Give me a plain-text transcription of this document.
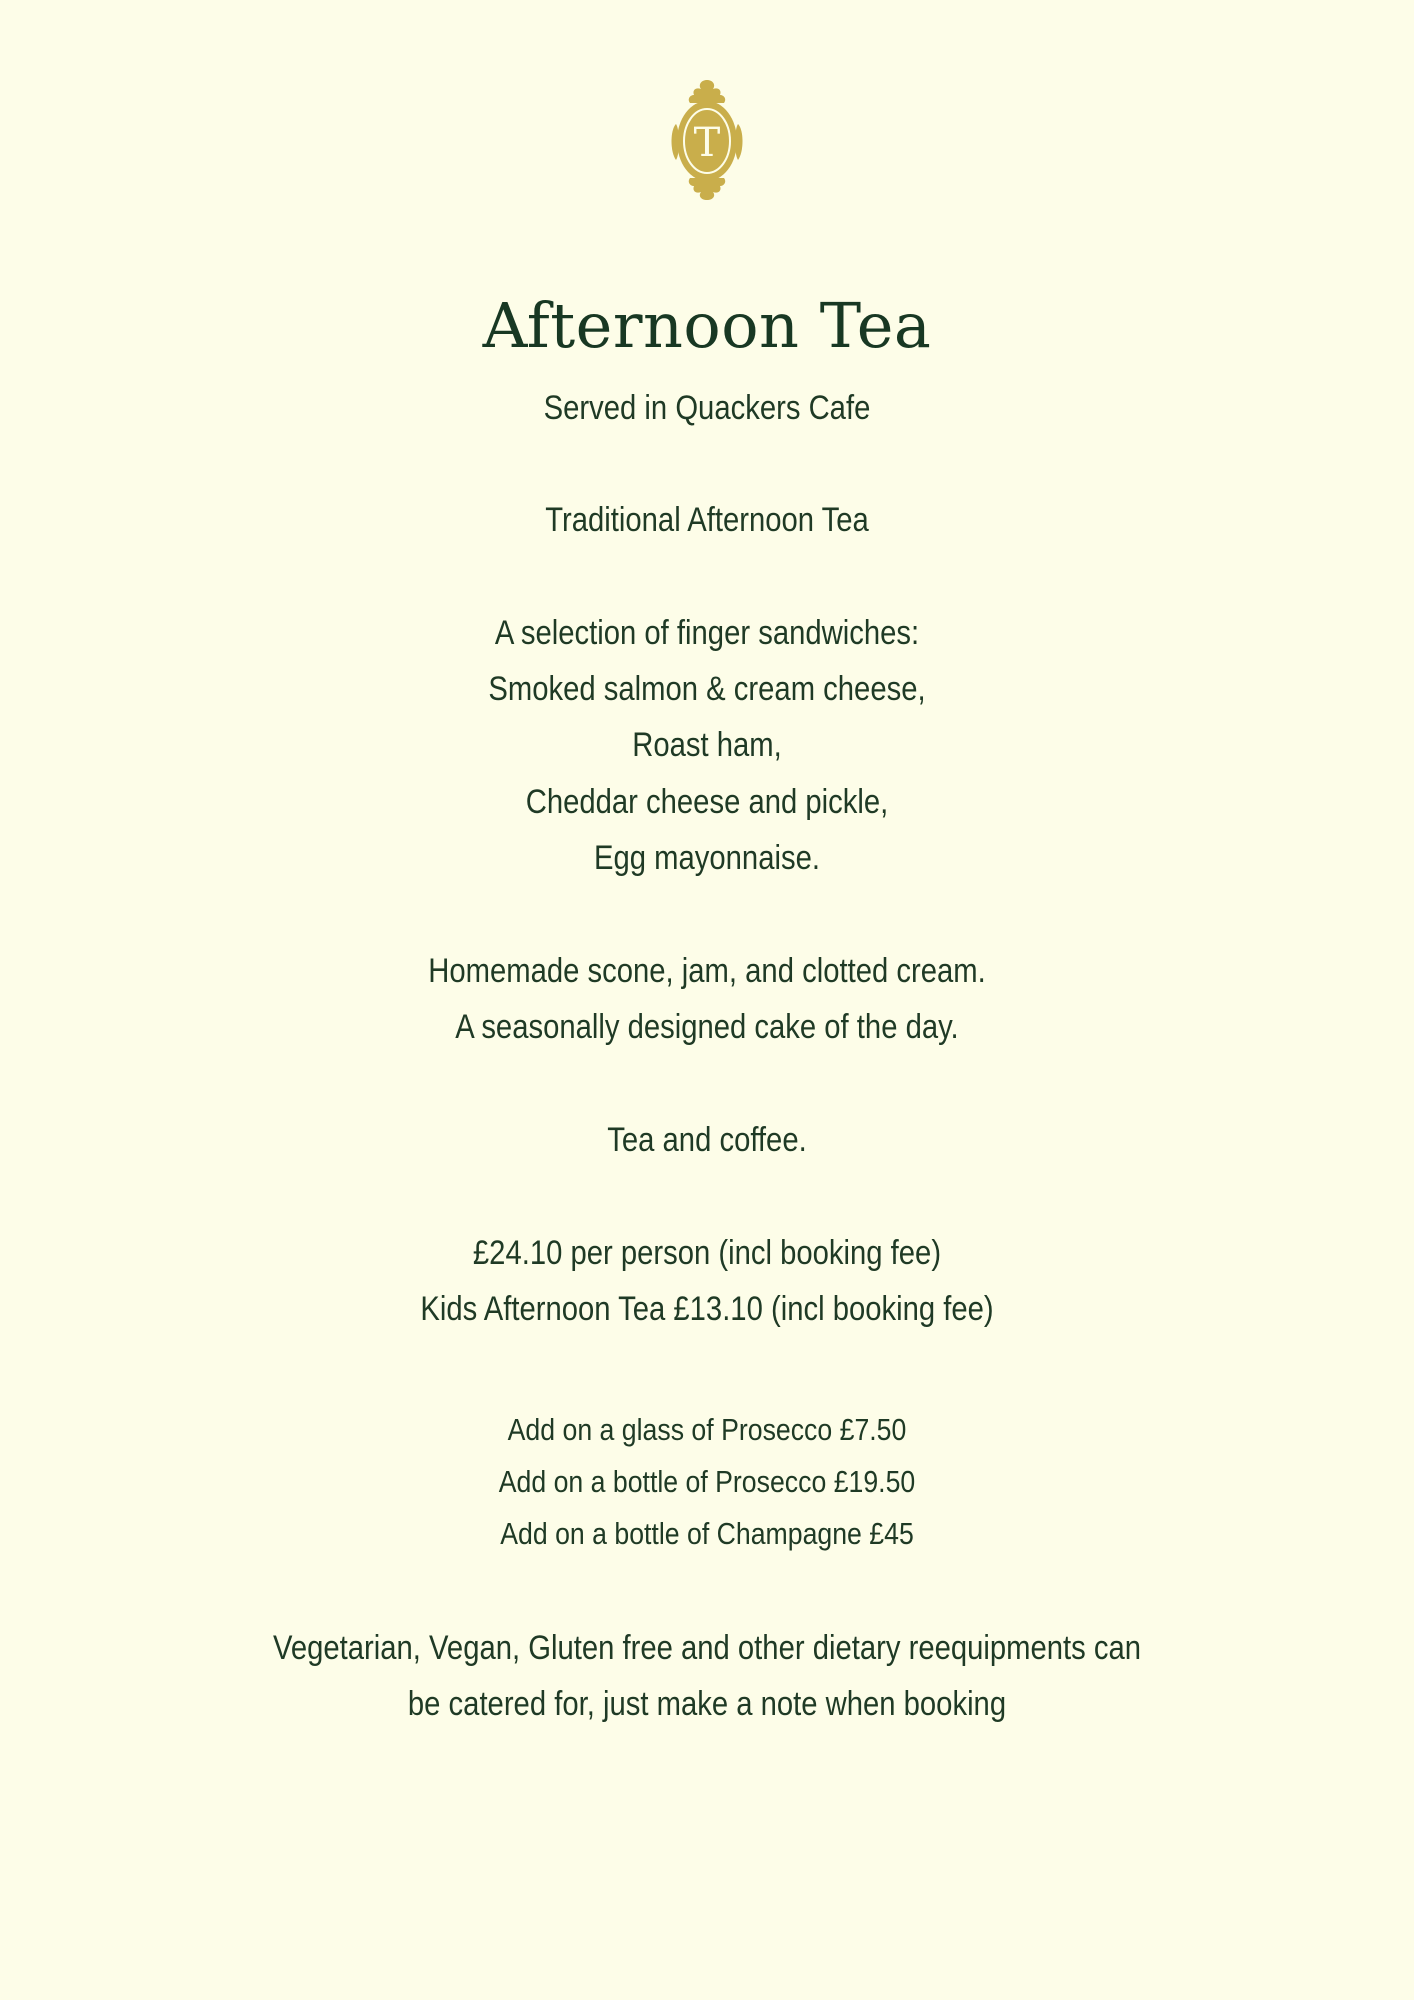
T
Afternoon Tea
Served in Quackers Cafe
Traditional Afternoon Tea
A selection of finger sandwiches:
Smoked salmon & cream cheese,
Roast ham,
Cheddar cheese and pickle,
Egg mayonnaise.
Homemade scone, jam, and clotted cream.
A seasonally designed cake of the day.
Tea and coffee.
£24.10 per person (incl booking fee)
Kids Afternoon Tea £13.10 (incl booking fee)
Add on a glass of Prosecco £7.50
Add on a bottle of Prosecco £19.50
Add on a bottle of Champagne £45
Vegetarian, Vegan, Gluten free and other dietary reequipments can
be catered for, just make a note when booking
